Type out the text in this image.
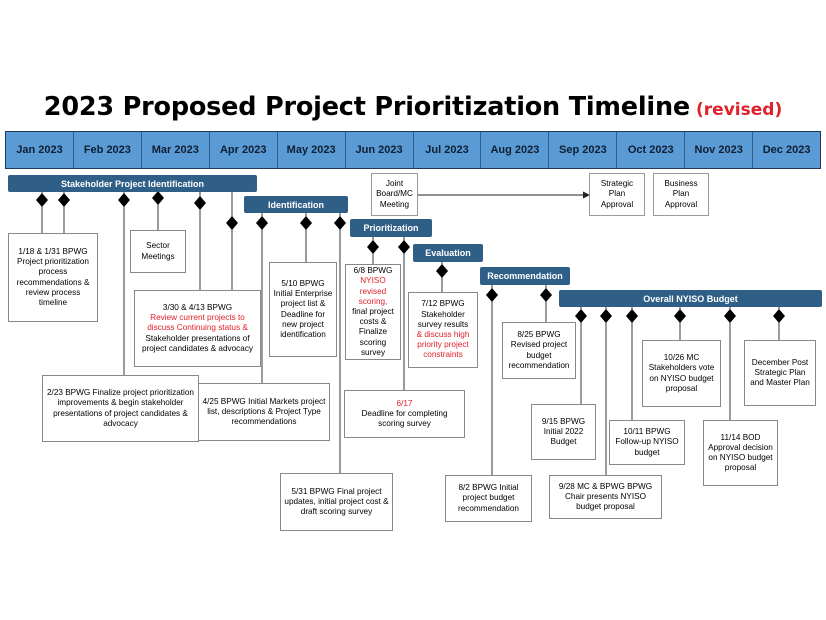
2023 Proposed Project Prioritization Timeline (revised)
Jan 2023	Feb 2023	Mar 2023	Apr 2023	May 2023	Jun 2023	Jul 2023	Aug 2023	Sep 2023	Oct 2023	Nov 2023	Dec 2023
Stakeholder Project Identification
Identification
Prioritization
Evaluation
Recommendation
Overall NYISO Budget
Joint Board/MC Meeting
Strategic Plan Approval
Business Plan Approval
1/18 & 1/31 BPWG Project prioritization process recommendations & review process timeline
2/23 BPWG Finalize project prioritization improvements & begin stakeholder presentations of project candidates & advocacy
Sector Meetings
3/30 & 4/13 BPWG
Review current projects to discuss Continuing status &
Stakeholder presentations of project candidates & advocacy
4/25 BPWG Initial Markets project list, descriptions & Project Type recommendations
5/10 BPWG Initial Enterprise project list & Deadline for new project identification
5/31 BPWG Final project updates, initial project cost & draft scoring survey
6/8 BPWG
NYISO revised scoring,
final project costs & Finalize scoring survey
6/17
Deadline for completing scoring survey
7/12 BPWG Stakeholder survey results
& discuss high priority project constraints
8/2 BPWG Initial project budget recommendation
8/25 BPWG Revised project budget recommendation
9/15 BPWG Initial 2022 Budget
9/28 MC & BPWG BPWG Chair presents NYISO budget proposal
10/11 BPWG Follow-up NYISO budget
10/26 MC Stakeholders vote on NYISO budget proposal
11/14 BOD Approval decision on NYISO budget proposal
December Post Strategic Plan and Master Plan
